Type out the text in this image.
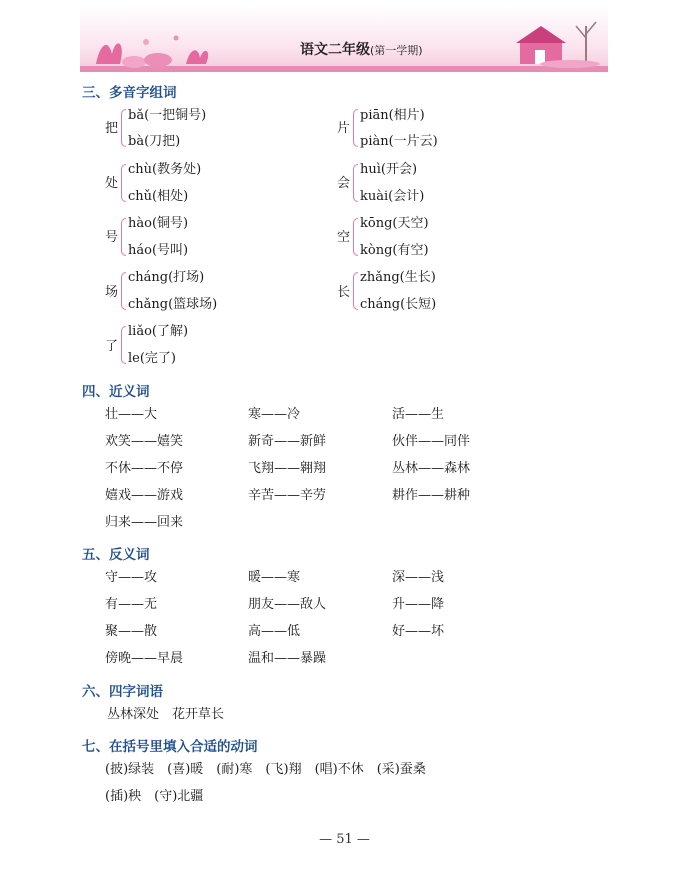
语文二年级(第一学期)
三、多音字组词
把
bǎ(一把铜号)
bà(刀把)
处
chù(教务处)
chǔ(相处)
号
hào(铜号)
háo(号叫)
场
cháng(打场)
chǎng(篮球场)
了
liǎo(了解)
le(完了)
片
piān(相片)
piàn(一片云)
会
huì(开会)
kuài(会计)
空
kōng(天空)
kòng(有空)
长
zhǎng(生长)
cháng(长短)
四、近义词
壮——大	寒——冷	活——生
欢笑——嬉笑	新奇——新鲜	伙伴——同伴
不休——不停	飞翔——翱翔	丛林——森林
嬉戏——游戏	辛苦——辛劳	耕作——耕种
归来——回来
五、反义词
守——攻	暖——寒	深——浅
有——无	朋友——敌人	升——降
聚——散	高——低	好——坏
傍晚——早晨	温和——暴躁
六、四字词语
丛林深处　花开草长
七、在括号里填入合适的动词
(披)绿装　(喜)暖　(耐)寒　(飞)翔　(唱)不休　(采)蚕桑
(插)秧　(守)北疆
— 51 —
